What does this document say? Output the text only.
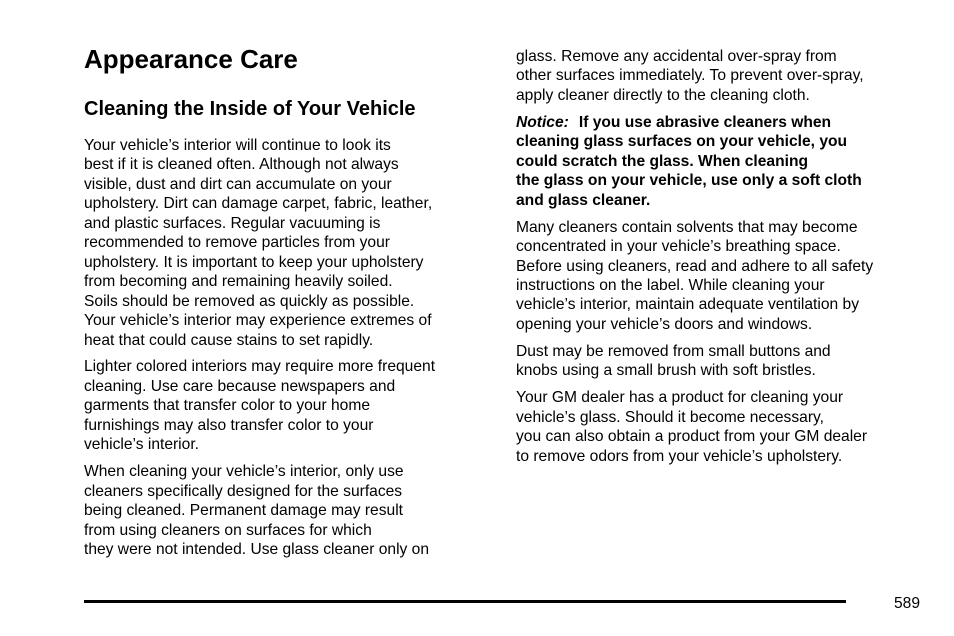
Appearance Care
Cleaning the Inside of Your Vehicle

Your vehicle’s interior will continue to look its
best if it is cleaned often. Although not always
visible, dust and dirt can accumulate on your
upholstery. Dirt can damage carpet, fabric, leather,
and plastic surfaces. Regular vacuuming is
recommended to remove particles from your
upholstery. It is important to keep your upholstery
from becoming and remaining heavily soiled.
Soils should be removed as quickly as possible.
Your vehicle’s interior may experience extremes of
heat that could cause stains to set rapidly.

Lighter colored interiors may require more frequent
cleaning. Use care because newspapers and
garments that transfer color to your home
furnishings may also transfer color to your
vehicle’s interior.

When cleaning your vehicle’s interior, only use
cleaners specifically designed for the surfaces
being cleaned. Permanent damage may result
from using cleaners on surfaces for which
they were not intended. Use glass cleaner only on

glass. Remove any accidental over-spray from
other surfaces immediately. To prevent over-spray,
apply cleaner directly to the cleaning cloth.

Notice: If you use abrasive cleaners when
cleaning glass surfaces on your vehicle, you
could scratch the glass. When cleaning
the glass on your vehicle, use only a soft cloth
and glass cleaner.

Many cleaners contain solvents that may become
concentrated in your vehicle’s breathing space.
Before using cleaners, read and adhere to all safety
instructions on the label. While cleaning your
vehicle’s interior, maintain adequate ventilation by
opening your vehicle’s doors and windows.

Dust may be removed from small buttons and
knobs using a small brush with soft bristles.

Your GM dealer has a product for cleaning your
vehicle’s glass. Should it become necessary,
you can also obtain a product from your GM dealer
to remove odors from your vehicle’s upholstery.

589
